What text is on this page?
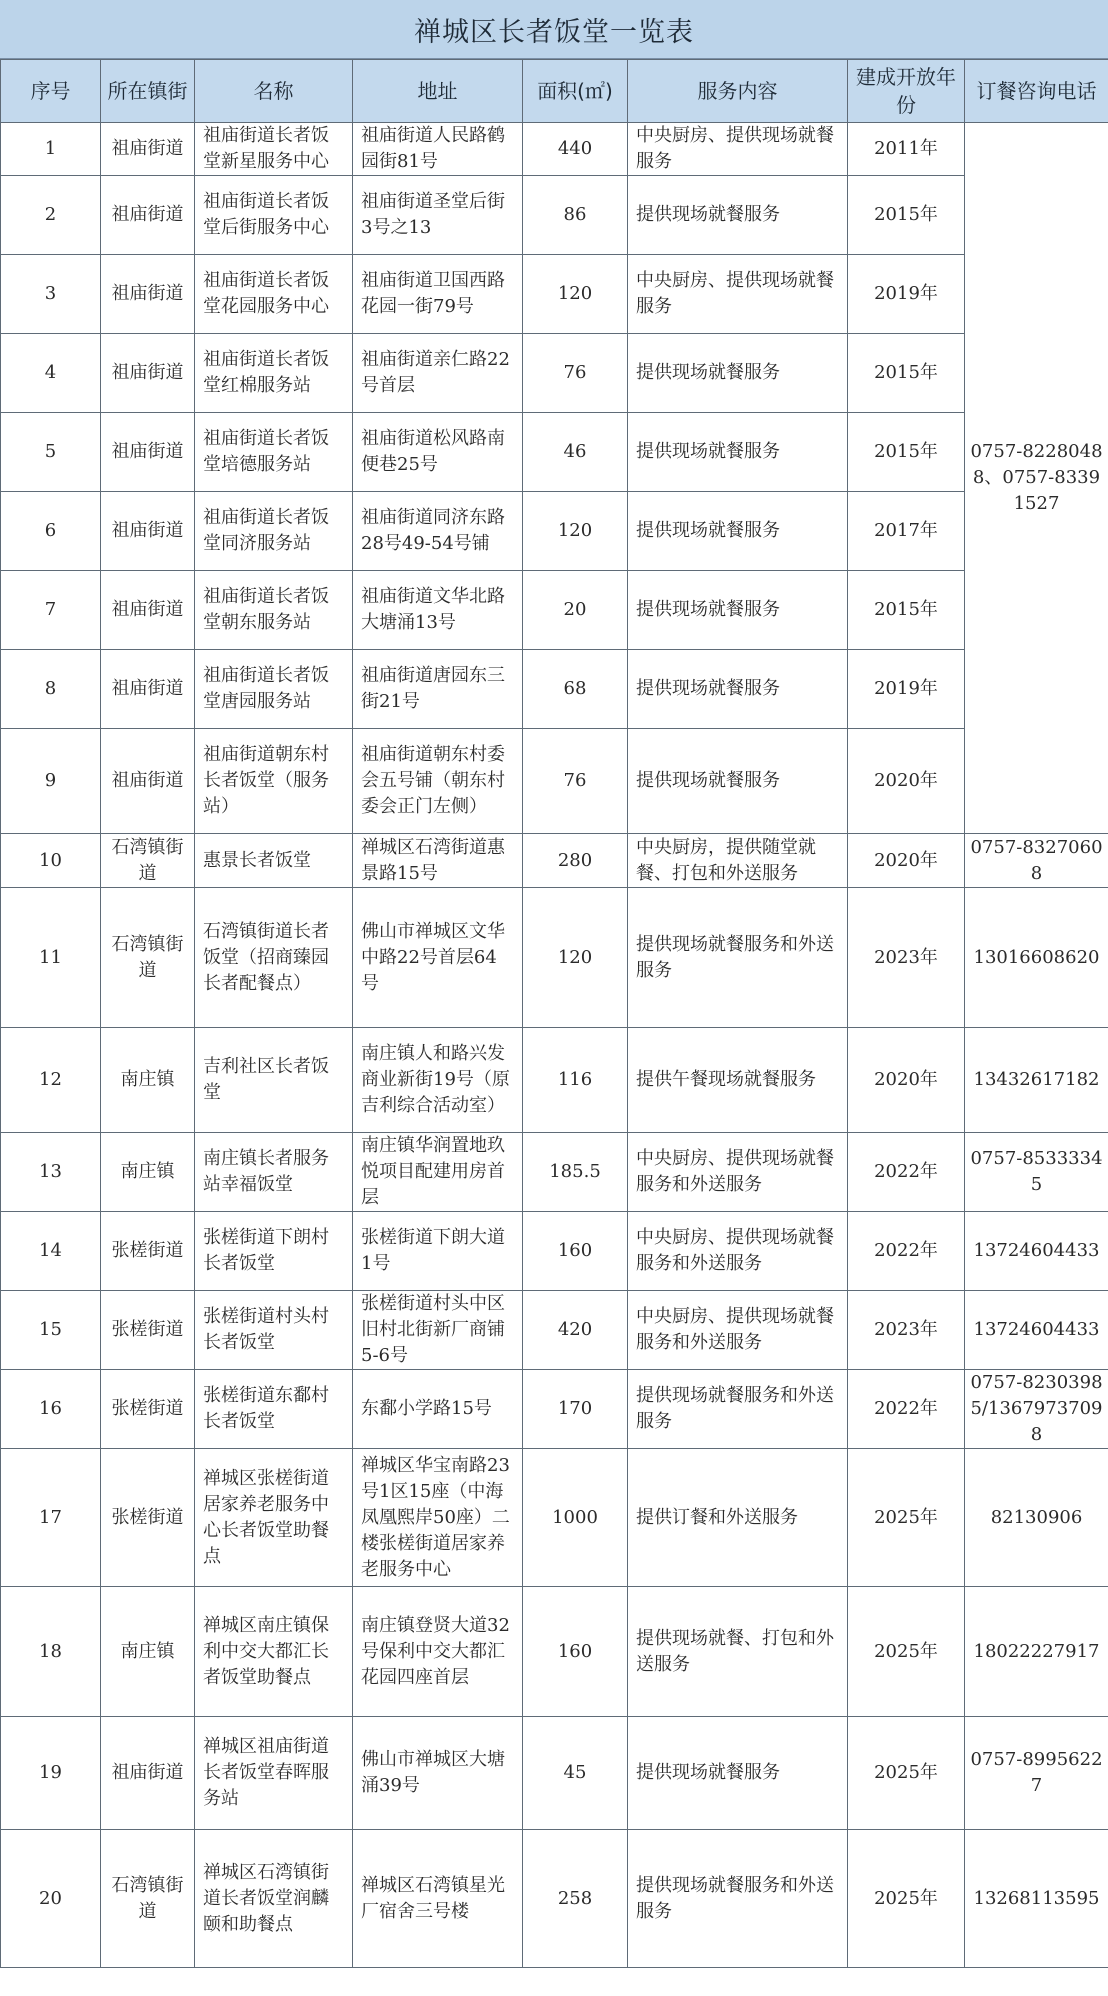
禅城区长者饭堂一览表
序号	所在镇街	名称	地址	面积(㎡)	服务内容	建成开放年份	订餐咨询电话
1	祖庙街道	祖庙街道长者饭堂新星服务中心	祖庙街道人民路鹤园街81号	440	中央厨房、提供现场就餐服务	2011年	0757-82280488、0757-83391527
2	祖庙街道	祖庙街道长者饭堂后街服务中心	祖庙街道圣堂后街3号之13	86	提供现场就餐服务	2015年	
3	祖庙街道	祖庙街道长者饭堂花园服务中心	祖庙街道卫国西路花园一街79号	120	中央厨房、提供现场就餐服务	2019年	
4	祖庙街道	祖庙街道长者饭堂红棉服务站	祖庙街道亲仁路22号首层	76	提供现场就餐服务	2015年	
5	祖庙街道	祖庙街道长者饭堂培德服务站	祖庙街道松风路南便巷25号	46	提供现场就餐服务	2015年	
6	祖庙街道	祖庙街道长者饭堂同济服务站	祖庙街道同济东路28号49-54号铺	120	提供现场就餐服务	2017年	
7	祖庙街道	祖庙街道长者饭堂朝东服务站	祖庙街道文华北路大塘涌13号	20	提供现场就餐服务	2015年	
8	祖庙街道	祖庙街道长者饭堂唐园服务站	祖庙街道唐园东三街21号	68	提供现场就餐服务	2019年	
9	祖庙街道	祖庙街道朝东村长者饭堂（服务站）	祖庙街道朝东村委会五号铺（朝东村委会正门左侧）	76	提供现场就餐服务	2020年	
10	石湾镇街道	惠景长者饭堂	禅城区石湾街道惠景路15号	280	中央厨房，提供随堂就餐、打包和外送服务	2020年	0757-83270608
11	石湾镇街道	石湾镇街道长者饭堂（招商臻园长者配餐点）	佛山市禅城区文华中路22号首层64号	120	提供现场就餐服务和外送服务	2023年	13016608620
12	南庄镇	吉利社区长者饭堂	南庄镇人和路兴发商业新街19号（原吉利综合活动室）	116	提供午餐现场就餐服务	2020年	13432617182
13	南庄镇	南庄镇长者服务站幸福饭堂	南庄镇华润置地玖悦项目配建用房首层	185.5	中央厨房、提供现场就餐服务和外送服务	2022年	0757-85333345
14	张槎街道	张槎街道下朗村长者饭堂	张槎街道下朗大道1号	160	中央厨房、提供现场就餐服务和外送服务	2022年	13724604433
15	张槎街道	张槎街道村头村长者饭堂	张槎街道村头中区旧村北街新厂商铺5-6号	420	中央厨房、提供现场就餐服务和外送服务	2023年	13724604433
16	张槎街道	张槎街道东鄱村长者饭堂	东鄱小学路15号	170	提供现场就餐服务和外送服务	2022年	0757-82303985/13679737098
17	张槎街道	禅城区张槎街道居家养老服务中心长者饭堂助餐点	禅城区华宝南路23号1区15座（中海凤凰熙岸50座）二楼张槎街道居家养老服务中心	1000	提供订餐和外送服务	2025年	82130906
18	南庄镇	禅城区南庄镇保利中交大都汇长者饭堂助餐点	南庄镇登贤大道32号保利中交大都汇花园四座首层	160	提供现场就餐、打包和外送服务	2025年	18022227917
19	祖庙街道	禅城区祖庙街道长者饭堂春晖服务站	佛山市禅城区大塘涌39号	45	提供现场就餐服务	2025年	0757-89956227
20	石湾镇街道	禅城区石湾镇街道长者饭堂润麟颐和助餐点	禅城区石湾镇星光厂宿舍三号楼	258	提供现场就餐服务和外送服务	2025年	13268113595
